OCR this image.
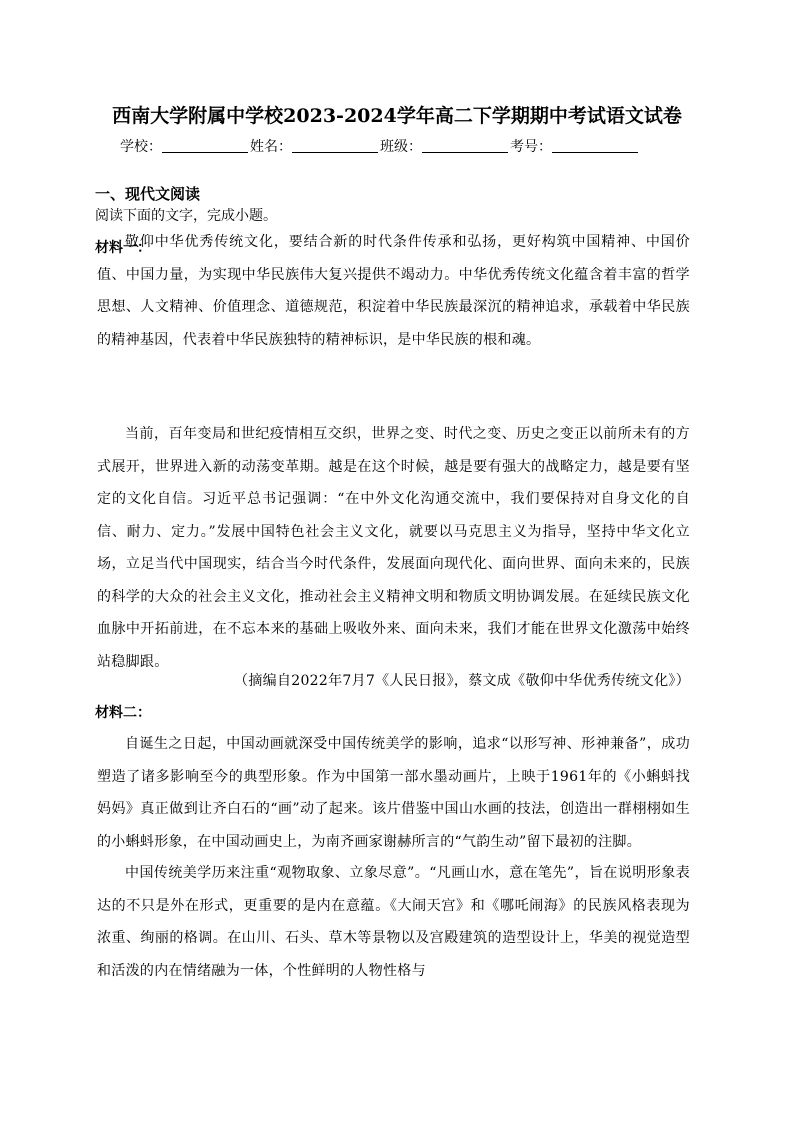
西南大学附属中学校2023-2024学年高二下学期期中考试语文试卷
学校：	姓名：	班级：	考号：
一、现代文阅读
阅读下面的文字，完成小题。
材料一：

敬仰中华优秀传统文化，要结合新的时代条件传承和弘扬，更好构筑中国精神、中国价值、中国力量，为实现中华民族伟大复兴提供不竭动力。中华优秀传统文化蕴含着丰富的哲学思想、人文精神、价值理念、道德规范，积淀着中华民族最深沉的精神追求，承载着中华民族的精神基因，代表着中华民族独特的精神标识，是中华民族的根和魂。

当前，百年变局和世纪疫情相互交织，世界之变、时代之变、历史之变正以前所未有的方式展开，世界进入新的动荡变革期。越是在这个时候，越是要有强大的战略定力，越是要有坚定的文化自信。习近平总书记强调：“在中外文化沟通交流中，我们要保持对自身文化的自信、耐力、定力。”发展中国特色社会主义文化，就要以马克思主义为指导，坚持中华文化立场，立足当代中国现实，结合当今时代条件，发展面向现代化、面向世界、面向未来的，民族的科学的大众的社会主义文化，推动社会主义精神文明和物质文明协调发展。在延续民族文化血脉中开拓前进，在不忘本来的基础上吸收外来、面向未来，我们才能在世界文化激荡中始终站稳脚跟。

（摘编自2022年7月7《人民日报》，蔡文成《敬仰中华优秀传统文化》）
材料二：

自诞生之日起，中国动画就深受中国传统美学的影响，追求“以形写神、形神兼备”，成功塑造了诸多影响至今的典型形象。作为中国第一部水墨动画片，上映于1961年的《小蝌蚪找妈妈》真正做到让齐白石的“画”动了起来。该片借鉴中国山水画的技法，创造出一群栩栩如生的小蝌蚪形象，在中国动画史上，为南齐画家谢赫所言的“气韵生动”留下最初的注脚。

中国传统美学历来注重“观物取象、立象尽意”。“凡画山水，意在笔先”，旨在说明形象表达的不只是外在形式，更重要的是内在意蕴。《大闹天宫》和《哪吒闹海》的民族风格表现为浓重、绚丽的格调。在山川、石头、草木等景物以及宫殿建筑的造型设计上，华美的视觉造型和活泼的内在情绪融为一体，个性鲜明的人物性格与
